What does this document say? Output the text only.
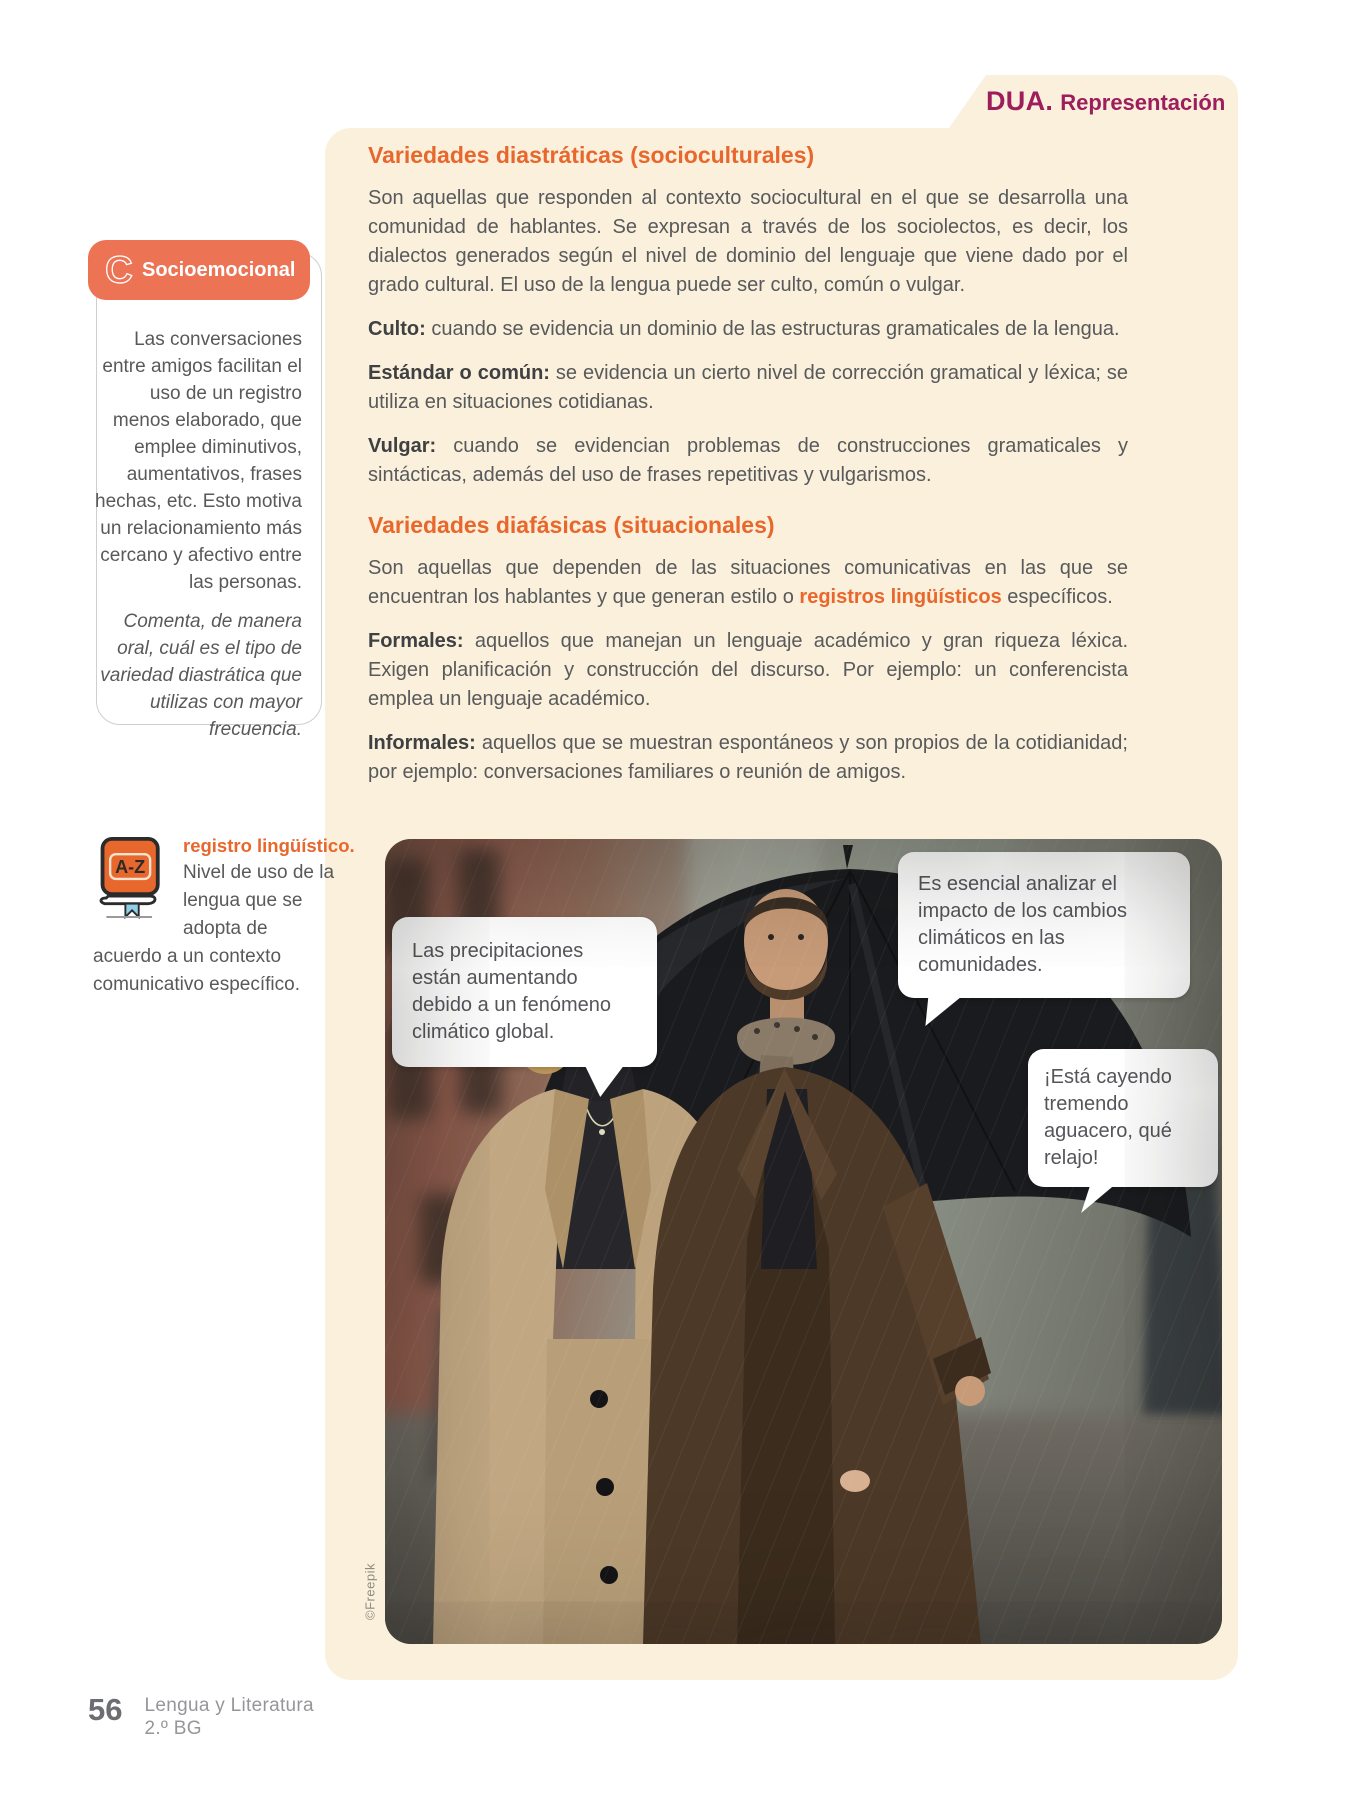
DUA. Representación
Variedades diastráticas (socioculturales)

Son aquellas que responden al contexto sociocultural en el que se desarrolla una comunidad de hablantes. Se expresan a través de los sociolectos, es decir, los dialectos generados según el nivel de dominio del lenguaje que viene dado por el grado cultural. El uso de la lengua puede ser culto, común o vulgar.

Culto: cuando se evidencia un dominio de las estructuras gramaticales de la lengua.

Estándar o común: se evidencia un cierto nivel de corrección gramatical y léxica; se utiliza en situaciones cotidianas.

Vulgar: cuando se evidencian problemas de construcciones gramaticales y sintácticas, además del uso de frases repetitivas y vulgarismos.

Variedades diafásicas (situacionales)

Son aquellas que dependen de las situaciones comunicativas en las que se encuentran los hablantes y que generan estilo o registros lingüísticos específicos.

Formales: aquellos que manejan un lenguaje académico y gran riqueza léxica. Exigen planificación y construcción del discurso. Por ejemplo: un conferencista emplea un lenguaje académico.

Informales: aquellos que se muestran espontáneos y son propios de la cotidianidad; por ejemplo: conversaciones familiares o reunión de amigos.

Las precipitaciones están aumentando debido a un fenómeno climático global.
Es esencial analizar el impacto de los cambios climáticos en las comunidades.
¡Está cayendo tremendo aguacero, qué relajo!
©Freepik
C Socioemocional

Las conversaciones entre amigos facilitan el uso de un registro menos elaborado, que emplee diminutivos, aumentativos, frases hechas, etc. Esto motiva un relacionamiento más cercano y afectivo entre las personas.

Comenta, de manera oral, cuál es el tipo de variedad diastrática que utilizas con mayor frecuencia.

A-Z
registro lingüístico.
Nivel de uso de la lengua que se adopta de acuerdo a un contexto comunicativo específico.
56 Lengua y Literatura
2.º BG
